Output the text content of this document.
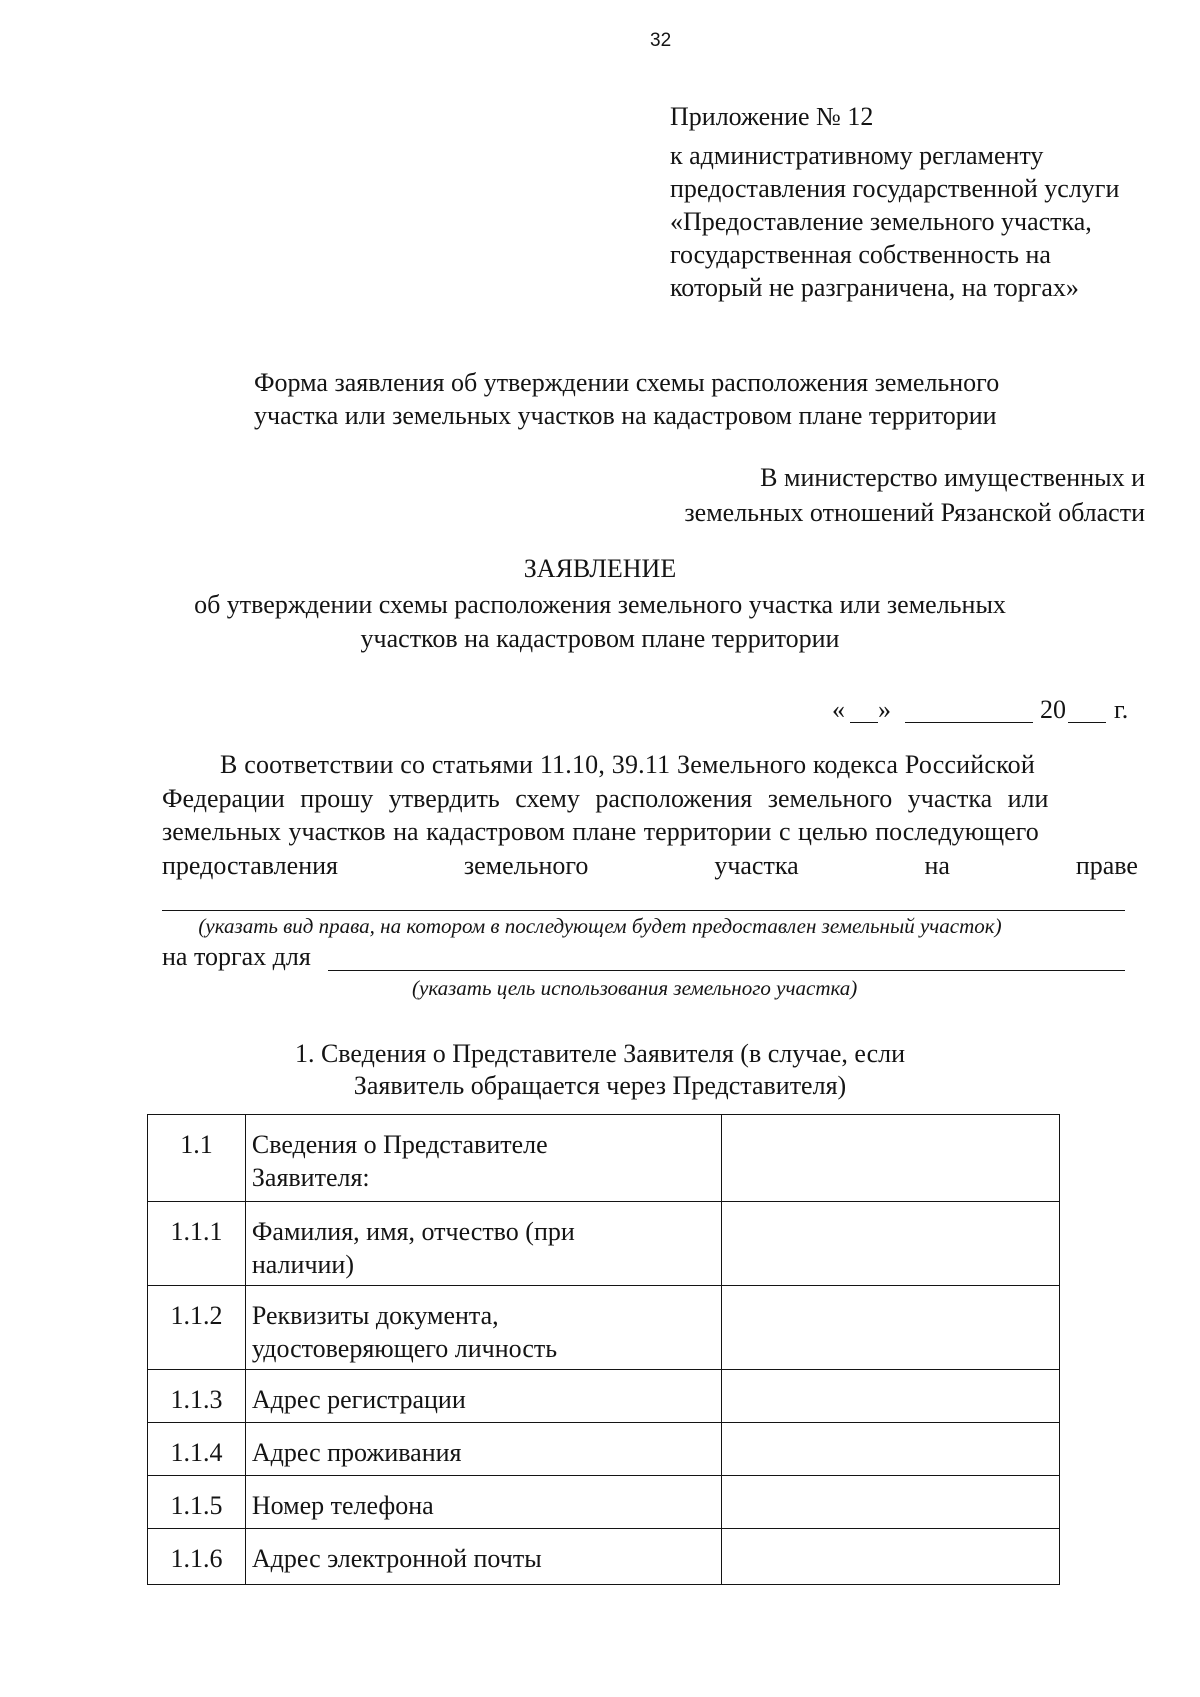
32
Приложение № 12
к административному регламенту
предоставления государственной услуги
«Предоставление земельного участка,
государственная собственность на
который не разграничена, на торгах»
Форма заявления об утверждении схемы расположения земельного
участка или земельных участков на кадастровом плане территории
В министерство имущественных и
земельных отношений Рязанской области
ЗАЯВЛЕНИЕ
об утверждении схемы расположения земельного участка или земельных
участков на кадастровом плане территории
« »	20 г.
В соответствии со статьями 11.10, 39.11 Земельного кодекса Российской
Федерации прошу утвердить схему расположения земельного участка или
земельных участков на кадастровом плане территории с целью последующего
предоставления	земельного	участка	на	праве
(указать вид права, на котором в последующем будет предоставлен земельный участок)
на торгах для
(указать цель использования земельного участка)
1. Сведения о Представителе Заявителя (в случае, если
Заявитель обращается через Представителя)
1.1	Сведения о Представителе
Заявителя:	

1.1.1	Фамилия, имя, отчество (при
наличии)	

1.1.2	Реквизиты документа,
удостоверяющего личность	

1.1.3	Адрес регистрации	

1.1.4	Адрес проживания	

1.1.5	Номер телефона	

1.1.6	Адрес электронной почты	
